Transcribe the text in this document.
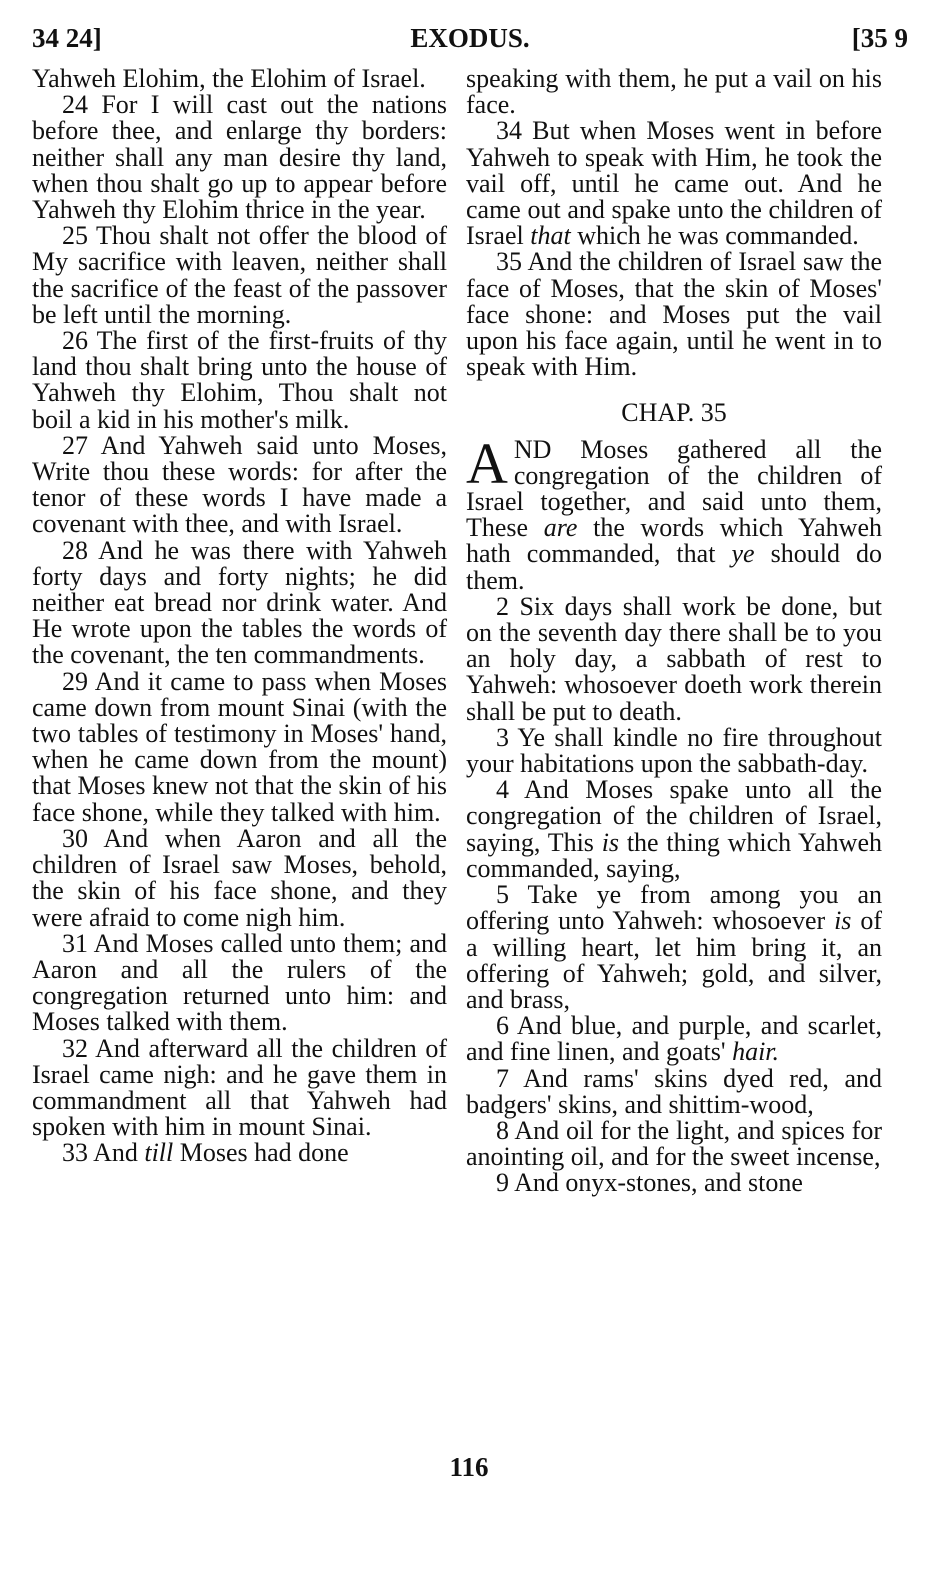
34 24]	EXODUS.	[35 9

Yahweh Elohim, the Elohim of Israel.

24 For I will cast out the nations before thee, and enlarge thy borders: neither shall any man desire thy land, when thou shalt go up to appear before Yahweh thy Elohim thrice in the year.

25 Thou shalt not offer the blood of My sacrifice with leaven, neither shall the sacrifice of the feast of the passover be left until the morning.

26 The first of the first-fruits of thy land thou shalt bring unto the house of Yahweh thy Elohim, Thou shalt not boil a kid in his mother's milk.

27 And Yahweh said unto Moses, Write thou these words: for after the tenor of these words I have made a covenant with thee, and with Israel.

28 And he was there with Yahweh forty days and forty nights; he did neither eat bread nor drink water. And He wrote upon the tables the words of the covenant, the ten commandments.

29 And it came to pass when Moses came down from mount Sinai (with the two tables of testimony in Moses' hand, when he came down from the mount) that Moses knew not that the skin of his face shone, while they talked with him.

30 And when Aaron and all the children of Israel saw Moses, behold, the skin of his face shone, and they were afraid to come nigh him.

31 And Moses called unto them; and Aaron and all the rulers of the congregation returned unto him: and Moses talked with them.

32 And afterward all the children of Israel came nigh: and he gave them in commandment all that Yahweh had spoken with him in mount Sinai.

33 And till Moses had done

speaking with them, he put a vail on his face.

34 But when Moses went in before Yahweh to speak with Him, he took the vail off, until he came out. And he came out and spake unto the children of Israel that which he was commanded.

35 And the children of Israel saw the face of Moses, that the skin of Moses' face shone: and Moses put the vail upon his face again, until he went in to speak with Him.

CHAP. 35

AND Moses gathered all the congregation of the children of Israel together, and said unto them, These are the words which Yahweh hath commanded, that ye should do them.

2 Six days shall work be done, but on the seventh day there shall be to you an holy day, a sabbath of rest to Yahweh: whosoever doeth work therein shall be put to death.

3 Ye shall kindle no fire throughout your habitations upon the sabbath-day.

4 And Moses spake unto all the congregation of the children of Israel, saying, This is the thing which Yahweh commanded, saying,

5 Take ye from among you an offering unto Yahweh: whosoever is of a willing heart, let him bring it, an offering of Yahweh; gold, and silver, and brass,

6 And blue, and purple, and scarlet, and fine linen, and goats' hair.

7 And rams' skins dyed red, and badgers' skins, and shittim-wood,

8 And oil for the light, and spices for anointing oil, and for the sweet incense,

9 And onyx-stones, and stone

116
